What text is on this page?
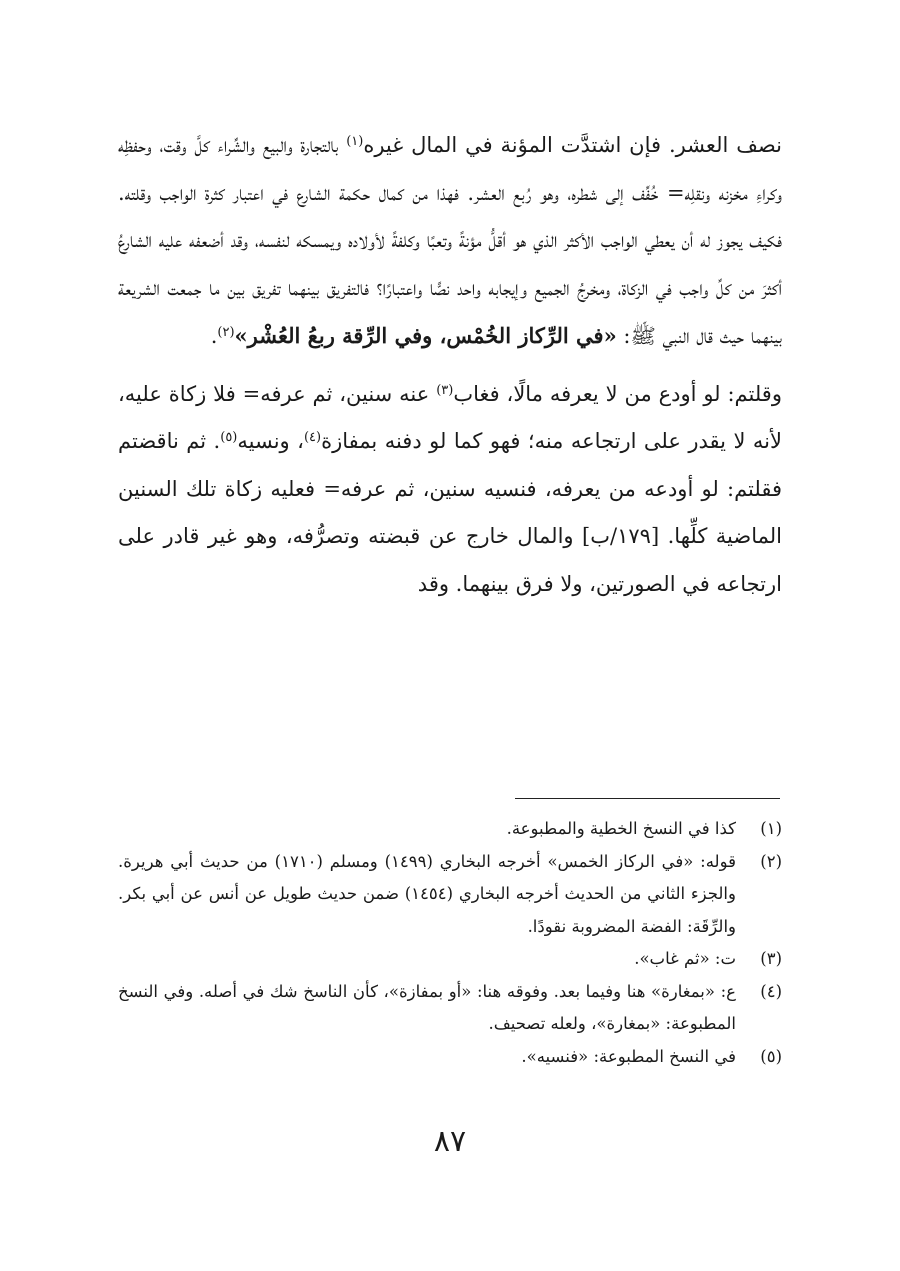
نصف العشر. فإن اشتدَّت المؤنة في المال غيره$^{(١)}$ بالتجارة والبيع والشِّراء كلَّ وقت، وحفظِه وكراءِ مخزنه ونقلِه= خُفِّف إلى شطره، وهو رُبع العشر. فهذا من كمال حكمة الشارع في اعتبار كثرة الواجب وقلته. فكيف يجوز له أن يعطي الواجب الأكثر الذي هو أقلُّ مؤنةً وتعبًا وكلفةً لأولاده ويمسكه لنفسه، وقد أضعفه عليه الشارعُ أكثرَ من كلِّ واجب في الزكاة، ومخرجُ الجميع وإيجابه واحد نصًّا واعتبارًا؟ فالتفريق بينهما تفريق بين ما جمعت الشريعة بينهما حيث قال النبي ﷺ: «في الرِّكاز الخُمْس، وفي الرِّقة ربعُ العُشْر»$^{(٢)}$.

وقلتم: لو أودع من لا يعرفه مالًا، فغاب$^{(٣)}$ عنه سنين، ثم عرفه= فلا زكاة عليه، لأنه لا يقدر على ارتجاعه منه؛ فهو كما لو دفنه بمفازة$^{(٤)}$، ونسيه$^{(٥)}$. ثم ناقضتم فقلتم: لو أودعه من يعرفه، فنسيه سنين، ثم عرفه= فعليه زكاة تلك السنين الماضية كلِّها. [١٧٩/ب] والمال خارج عن قبضته وتصرُّفه، وهو غير قادر على ارتجاعه في الصورتين، ولا فرق بينهما. وقد

(١)
كذا في النسخ الخطية والمطبوعة.
(٢)
قوله: «في الركاز الخمس» أخرجه البخاري (١٤٩٩) ومسلم (١٧١٠) من حديث أبي هريرة. والجزء الثاني من الحديث أخرجه البخاري (١٤٥٤) ضمن حديث طويل عن أنس عن أبي بكر. والرِّقَة: الفضة المضروبة نقودًا.
(٣)
ت: «ثم غاب».
(٤)
ع: «بمغارة» هنا وفيما بعد. وفوقه هنا: «أو بمفازة»، كأن الناسخ شك في أصله. وفي النسخ المطبوعة: «بمغارة»، ولعله تصحيف.
(٥)
في النسخ المطبوعة: «فنسيه».
٨٧
